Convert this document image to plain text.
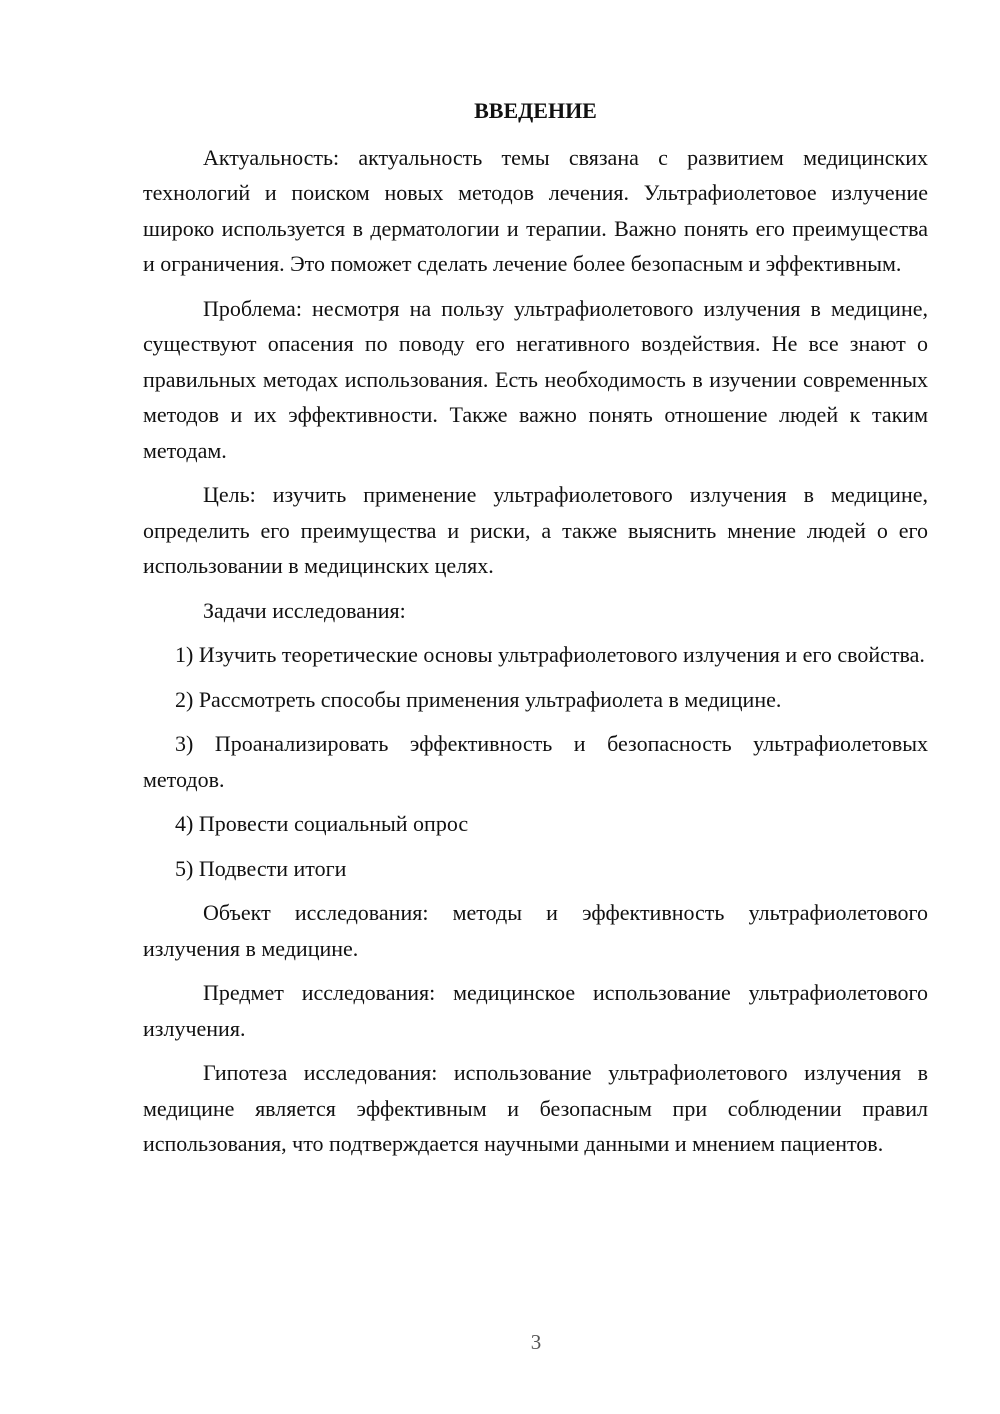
ВВЕДЕНИЕ

Актуальность: актуальность темы связана с развитием медицинских технологий и поиском новых методов лечения. Ультрафиолетовое излучение широко используется в дерматологии и терапии. Важно понять его преимущества и ограничения. Это поможет сделать лечение более безопасным и эффективным.

Проблема: несмотря на пользу ультрафиолетового излучения в медицине, существуют опасения по поводу его негативного воздействия. Не все знают о правильных методах использования. Есть необходимость в изучении современных методов и их эффективности. Также важно понять отношение людей к таким методам.

Цель: изучить применение ультрафиолетового излучения в медицине, определить его преимущества и риски, а также выяснить мнение людей о его использовании в медицинских целях.

Задачи исследования:

1) Изучить теоретические основы ультрафиолетового излучения и его свойства.

2) Рассмотреть способы применения ультрафиолета в медицине.

3) Проанализировать эффективность и безопасность ультрафиолетовых методов.

4) Провести социальный опрос

5) Подвести итоги

Объект исследования: методы и эффективность ультрафиолетового излучения в медицине.

Предмет исследования: медицинское использование ультрафиолетового излучения.

Гипотеза исследования: использование ультрафиолетового излучения в медицине является эффективным и безопасным при соблюдении правил использования, что подтверждается научными данными и мнением пациентов.

3
